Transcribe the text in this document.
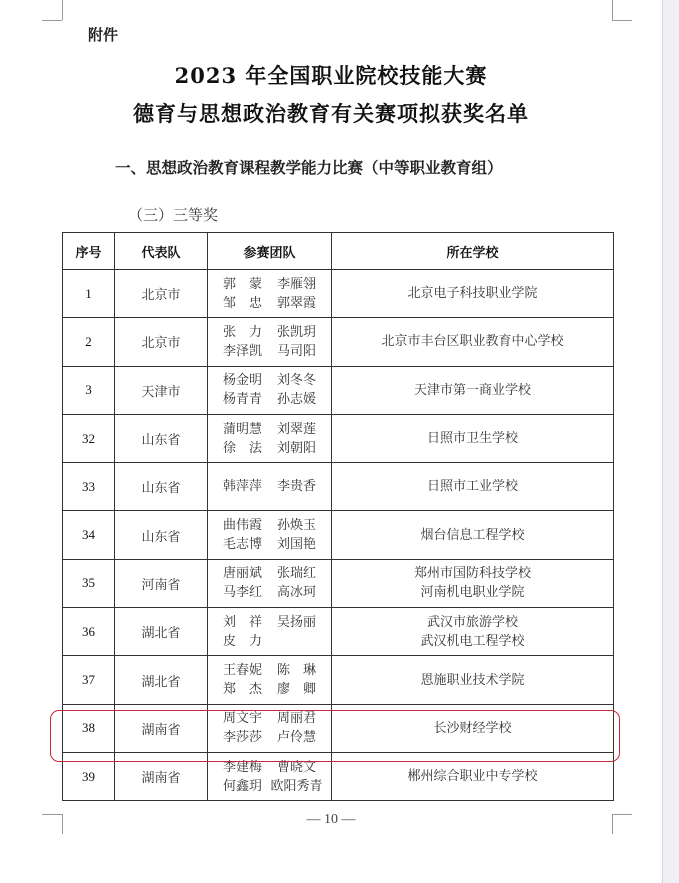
附件
2023 年全国职业院校技能大赛
德育与思想政治教育有关赛项拟获奖名单
一、思想政治教育课程教学能力比赛（中等职业教育组）
（三）三等奖
序号	代表队	参赛团队	所在学校
1	北京市	郭　蒙 李雁翎
邹　忠 郭翠霞	北京电子科技职业学院

2	北京市	张　力 张凯玥
李泽凯 马司阳	北京市丰台区职业教育中心学校

3	天津市	杨金明 刘冬冬
杨青青 孙志媛	天津市第一商业学校

32	山东省	蒲明慧 刘翠莲
徐　法 刘朝阳	日照市卫生学校

33	山东省	韩萍萍 李贵香	日照市工业学校

34	山东省	曲伟霞 孙焕玉
毛志博 刘国艳	烟台信息工程学校

35	河南省	唐丽斌 张瑞红
马李红 高冰珂	郑州市国防科技学校
河南机电职业学院

36	湖北省	刘　祥 吴扬丽
皮　力	武汉市旅游学校
武汉机电工程学校

37	湖北省	王春妮 陈　琳
郑　杰 廖　卿	恩施职业技术学院

38	湖南省	周文宇 周丽君
李莎莎 卢伶慧	长沙财经学校

39	湖南省	李建梅 曹晓文
何鑫玥 欧阳秀青	郴州综合职业中专学校
— 10 —
